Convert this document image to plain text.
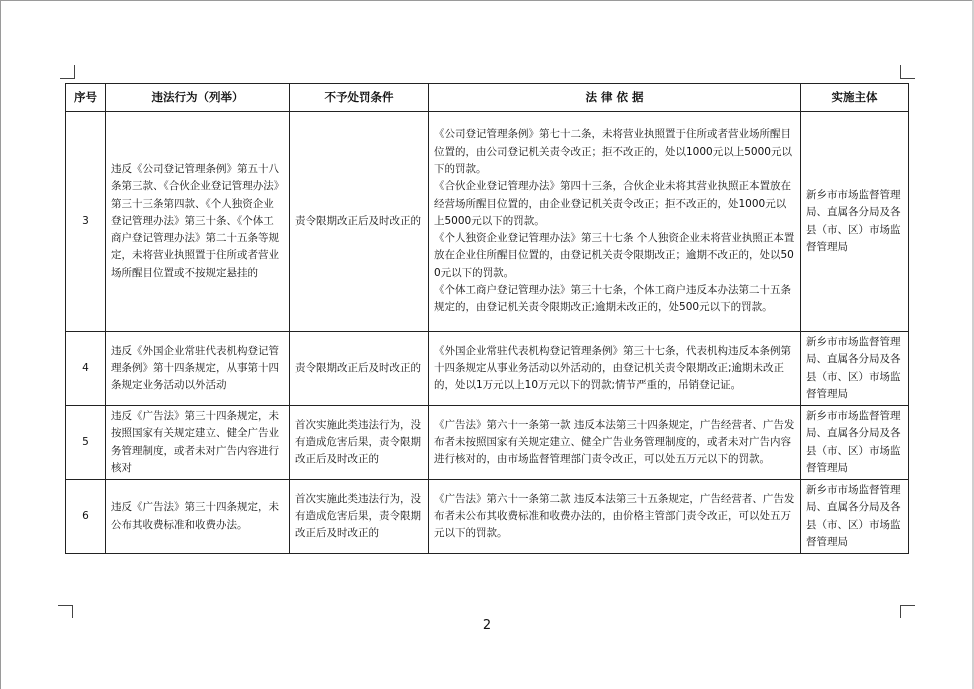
序号	违法行为（列举）	不予处罚条件	法 律 依 据	实施主体
3	违反《公司登记管理条例》第五十八条第三款、《合伙企业登记管理办法》第三十三条第四款、《个人独资企业登记管理办法》第三十条、《个体工商户登记管理办法》第二十五条等规定，未将营业执照置于住所或者营业场所醒目位置或不按规定悬挂的	责令限期改正后及时改正的	《公司登记管理条例》第七十二条，未将营业执照置于住所或者营业场所醒目位置的，由公司登记机关责令改正；拒不改正的，处以1000元以上5000元以下的罚款。
《合伙企业登记管理办法》第四十三条，合伙企业未将其营业执照正本置放在经营场所醒目位置的，由企业登记机关责令改正；拒不改正的，处1000元以上5000元以下的罚款。
《个人独资企业登记管理办法》第三十七条 个人独资企业未将营业执照正本置放在企业住所醒目位置的，由登记机关责令限期改正；逾期不改正的，处以500元以下的罚款。
《个体工商户登记管理办法》第三十七条，个体工商户违反本办法第二十五条规定的，由登记机关责令限期改正;逾期未改正的，处500元以下的罚款。	新乡市市场监督管理局、直属各分局及各县（市、区）市场监督管理局
4	违反《外国企业常驻代表机构登记管理条例》第十四条规定，从事第十四条规定业务活动以外活动	责令限期改正后及时改正的	《外国企业常驻代表机构登记管理条例》第三十七条，代表机构违反本条例第十四条规定从事业务活动以外活动的，由登记机关责令限期改正;逾期未改正的，处以1万元以上10万元以下的罚款;情节严重的，吊销登记证。	新乡市市场监督管理局、直属各分局及各县（市、区）市场监督管理局
5	违反《广告法》第三十四条规定，未按照国家有关规定建立、健全广告业务管理制度，或者未对广告内容进行核对	首次实施此类违法行为，没有造成危害后果，责令限期改正后及时改正的	《广告法》第六十一条第一款 违反本法第三十四条规定，广告经营者、广告发布者未按照国家有关规定建立、健全广告业务管理制度的，或者未对广告内容进行核对的，由市场监督管理部门责令改正，可以处五万元以下的罚款。	新乡市市场监督管理局、直属各分局及各县（市、区）市场监督管理局
6	违反《广告法》第三十四条规定，未公布其收费标准和收费办法。	首次实施此类违法行为，没有造成危害后果，责令限期改正后及时改正的	《广告法》第六十一条第二款 违反本法第三十五条规定，广告经营者、广告发布者未公布其收费标准和收费办法的，由价格主管部门责令改正，可以处五万元以下的罚款。	新乡市市场监督管理局、直属各分局及各县（市、区）市场监督管理局
2
